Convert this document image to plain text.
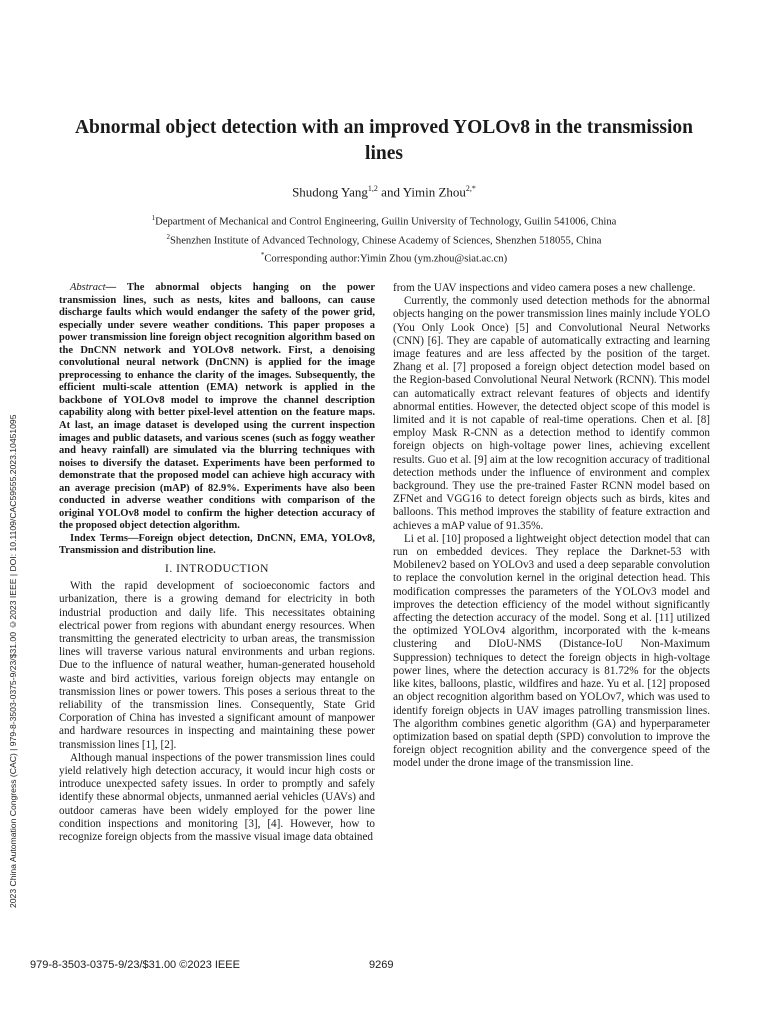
2023 China Automation Congress (CAC) | 979-8-3503-0375-9/23/$31.00 ©2023 IEEE | DOI: 10.1109/CAC59555.2023.10451095
Abnormal object detection with an improved YOLOv8 in the transmission lines
Shudong Yang$^{1,2}$ and Yimin Zhou$^{2,*}$
$^1$Department of Mechanical and Control Engineering, Guilin University of Technology, Guilin 541006, China
$^2$Shenzhen Institute of Advanced Technology, Chinese Academy of Sciences, Shenzhen 518055, China
*Corresponding author:Yimin Zhou (ym.zhou@siat.ac.cn)

Abstract— The abnormal objects hanging on the power transmission lines, such as nests, kites and balloons, can cause discharge faults which would endanger the safety of the power grid, especially under severe weather conditions. This paper proposes a power transmission line foreign object recognition algorithm based on the DnCNN network and YOLOv8 network. First, a denoising convolutional neural network (DnCNN) is applied for the image preprocessing to enhance the clarity of the images. Subsequently, the efficient multi-scale attention (EMA) network is applied in the backbone of YOLOv8 model to improve the channel description capability along with better pixel-level attention on the feature maps. At last, an image dataset is developed using the current inspection images and public datasets, and various scenes (such as foggy weather and heavy rainfall) are simulated via the blurring techniques with noises to diversify the dataset. Experiments have been performed to demonstrate that the proposed model can achieve high accuracy with an average precision (mAP) of 82.9%. Experiments have also been conducted in adverse weather conditions with comparison of the original YOLOv8 model to confirm the higher detection accuracy of the proposed object detection algorithm.

Index Terms—Foreign object detection, DnCNN, EMA, YOLOv8, Transmission and distribution line.

I. INTRODUCTION

With the rapid development of socioeconomic factors and urbanization, there is a growing demand for electricity in both industrial production and daily life. This necessitates obtaining electrical power from regions with abundant energy resources. When transmitting the generated electricity to urban areas, the transmission lines will traverse various natural environments and urban regions. Due to the influence of natural weather, human-generated household waste and bird activities, various foreign objects may entangle on transmission lines or power towers. This poses a serious threat to the reliability of the transmission lines. Consequently, State Grid Corporation of China has invested a significant amount of manpower and hardware resources in inspecting and maintaining these power transmission lines [1], [2].

Although manual inspections of the power transmission lines could yield relatively high detection accuracy, it would incur high costs or introduce unexpected safety issues. In order to promptly and safely identify these abnormal objects, unmanned aerial vehicles (UAVs) and outdoor cameras have been widely employed for the power line condition inspections and monitoring [3], [4]. However, how to recognize foreign objects from the massive visual image data obtained

from the UAV inspections and video camera poses a new challenge.

Currently, the commonly used detection methods for the abnormal objects hanging on the power transmission lines mainly include YOLO (You Only Look Once) [5] and Convolutional Neural Networks (CNN) [6]. They are capable of automatically extracting and learning image features and are less affected by the position of the target. Zhang et al. [7] proposed a foreign object detection model based on the Region-based Convolutional Neural Network (RCNN). This model can automatically extract relevant features of objects and identify abnormal entities. However, the detected object scope of this model is limited and it is not capable of real-time operations. Chen et al. [8] employ Mask R-CNN as a detection method to identify common foreign objects on high-voltage power lines, achieving excellent results. Guo et al. [9] aim at the low recognition accuracy of traditional detection methods under the influence of environment and complex background. They use the pre-trained Faster RCNN model based on ZFNet and VGG16 to detect foreign objects such as birds, kites and balloons. This method improves the stability of feature extraction and achieves a mAP value of 91.35%.

Li et al. [10] proposed a lightweight object detection model that can run on embedded devices. They replace the Darknet-53 with Mobilenev2 based on YOLOv3 and used a deep separable convolution to replace the convolution kernel in the original detection head. This modification compresses the parameters of the YOLOv3 model and improves the detection efficiency of the model without significantly affecting the detection accuracy of the model. Song et al. [11] utilized the optimized YOLOv4 algorithm, incorporated with the k-means clustering and DIoU-NMS (Distance-IoU Non-Maximum Suppression) techniques to detect the foreign objects in high-voltage power lines, where the detection accuracy is 81.72% for the objects like kites, balloons, plastic, wildfires and haze. Yu et al. [12] proposed an object recognition algorithm based on YOLOv7, which was used to identify foreign objects in UAV images patrolling transmission lines. The algorithm combines genetic algorithm (GA) and hyperparameter optimization based on spatial depth (SPD) convolution to improve the foreign object recognition ability and the convergence speed of the model under the drone image of the transmission line.

979-8-3503-0375-9/23/$31.00 ©2023 IEEE	9269
